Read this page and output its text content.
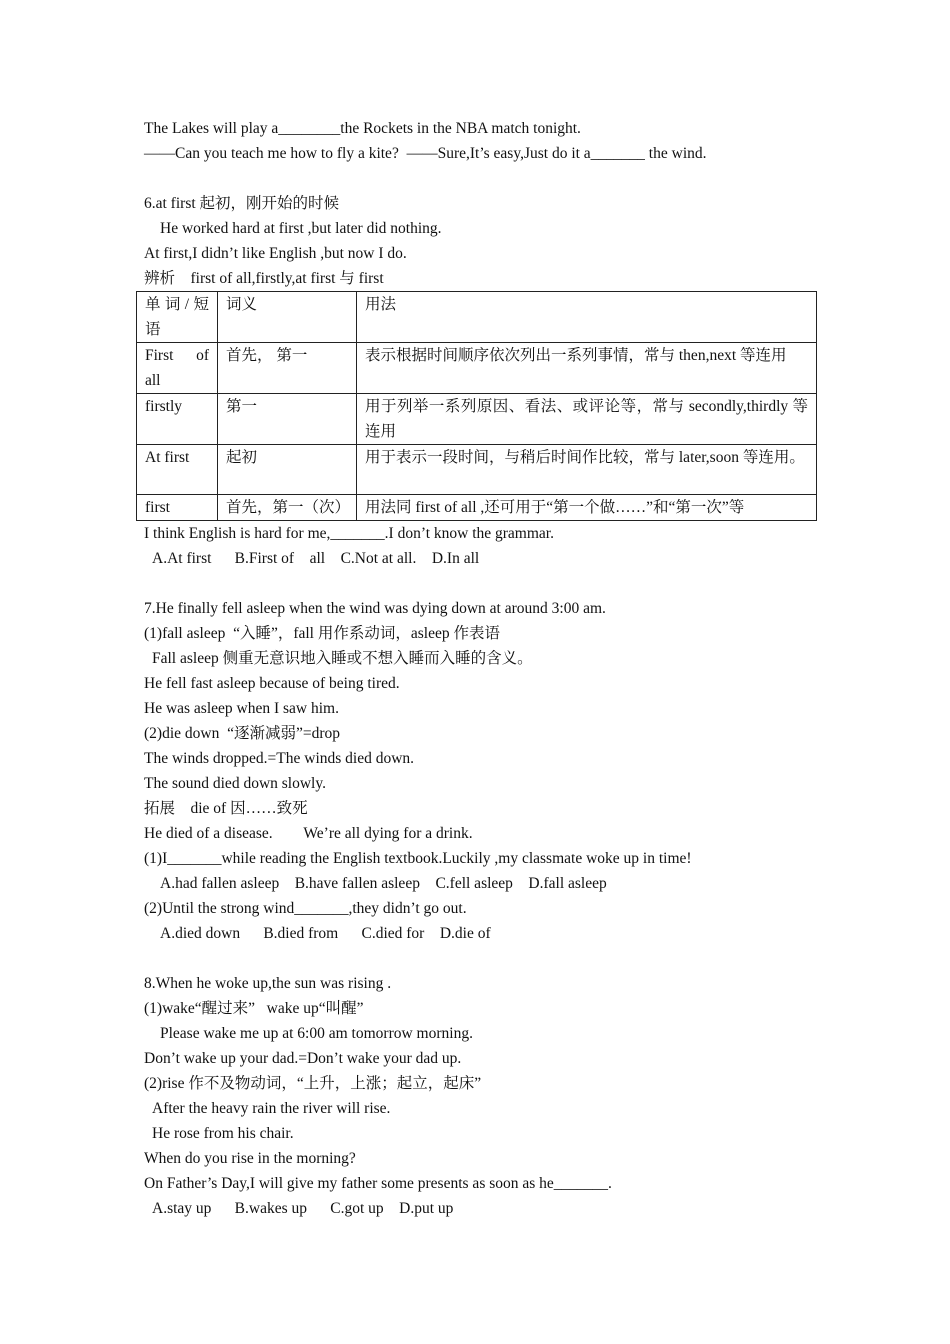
The Lakes will play a________the Rockets in the NBA match tonight.
——Can you teach me how to fly a kite?  ——Sure,It’s easy,Just do it a_______ the wind.
6.at first 起初，刚开始的时候
He worked hard at first ,but later did nothing.
At first,I didn’t like English ,but now I do.
辨析    first of all,firstly,at first 与 first
单词/短语	词义	用法
First of all	首先， 第一	表示根据时间顺序依次列出一系列事情，常与 then,next 等连用
firstly	第一	用于列举一系列原因、看法、或评论等，常与 secondly,thirdly 等连用
At first	起初	用于表示一段时间，与稍后时间作比较，常与 later,soon 等连用。
first	首先，第一（次）	用法同 first of all ,还可用于“第一个做……”和“第一次”等
I think English is hard for me,_______.I don’t know the grammar.
A.At first      B.First of    all    C.Not at all.    D.In all
7.He finally fell asleep when the wind was dying down at around 3:00 am.
(1)fall asleep  “入睡”，fall 用作系动词，asleep 作表语
Fall asleep 侧重无意识地入睡或不想入睡而入睡的含义。
He fell fast asleep because of being tired.
He was asleep when I saw him.
(2)die down  “逐渐减弱”=drop
The winds dropped.=The winds died down.
The sound died down slowly.
拓展    die of 因……致死
He died of a disease.        We’re all dying for a drink.
(1)I_______while reading the English textbook.Luckily ,my classmate woke up in time!
A.had fallen asleep    B.have fallen asleep    C.fell asleep    D.fall asleep
(2)Until the strong wind_______,they didn’t go out.
A.died down      B.died from      C.died for    D.die of
8.When he woke up,the sun was rising .
(1)wake“醒过来”   wake up“叫醒”
Please wake me up at 6:00 am tomorrow morning.
Don’t wake up your dad.=Don’t wake your dad up.
(2)rise 作不及物动词，“上升，上涨；起立，起床”
After the heavy rain the river will rise.
He rose from his chair.
When do you rise in the morning?
On Father’s Day,I will give my father some presents as soon as he_______.
A.stay up      B.wakes up      C.got up    D.put up
